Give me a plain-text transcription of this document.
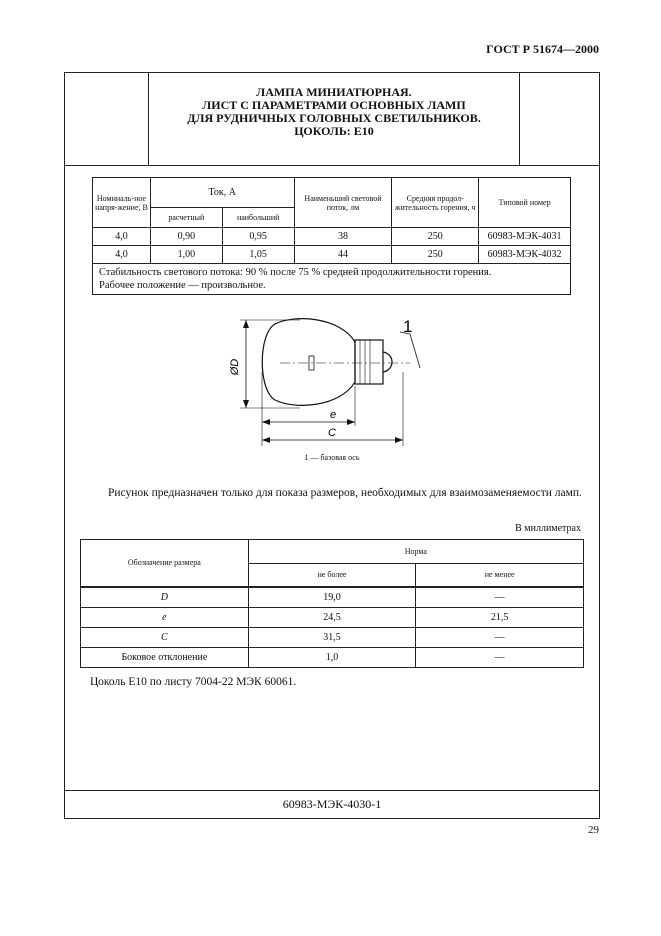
ГОСТ Р 51674—2000
ЛАМПА МИНИАТЮРНАЯ.
ЛИСТ С ПАРАМЕТРАМИ ОСНОВНЫХ ЛАМП
ДЛЯ РУДНИЧНЫХ ГОЛОВНЫХ СВЕТИЛЬНИКОВ.
ЦОКОЛЬ: Е10
Номиналь-ное напря-жение, В	Ток, А		Наименьший световой поток, лм	Средняя продол-жительность горения, ч	Типовой номер
	расчетный	наибольший			
4,0	0,90	0,95	38	250	60983-МЭК-4031
4,0	1,00	1,05	44	250	60983-МЭК-4032

Стабильность светового потока: 90 % после 75 % средней продолжительности горения.
Рабочее положение — произвольное.					
1
ØD
e
C
1 — базовая ось
Рисунок предназначен только для показа размеров, необходимых для взаимозаменяемости ламп.
В миллиметрах
Обозначение размера	Норма	
	не более	не менее
D	19,0	—
e	24,5	21,5
C	31,5	—
Боковое отклонение	1,0	—
Цоколь Е10 по листу 7004-22 МЭК 60061.
60983-МЭК-4030-1
29
